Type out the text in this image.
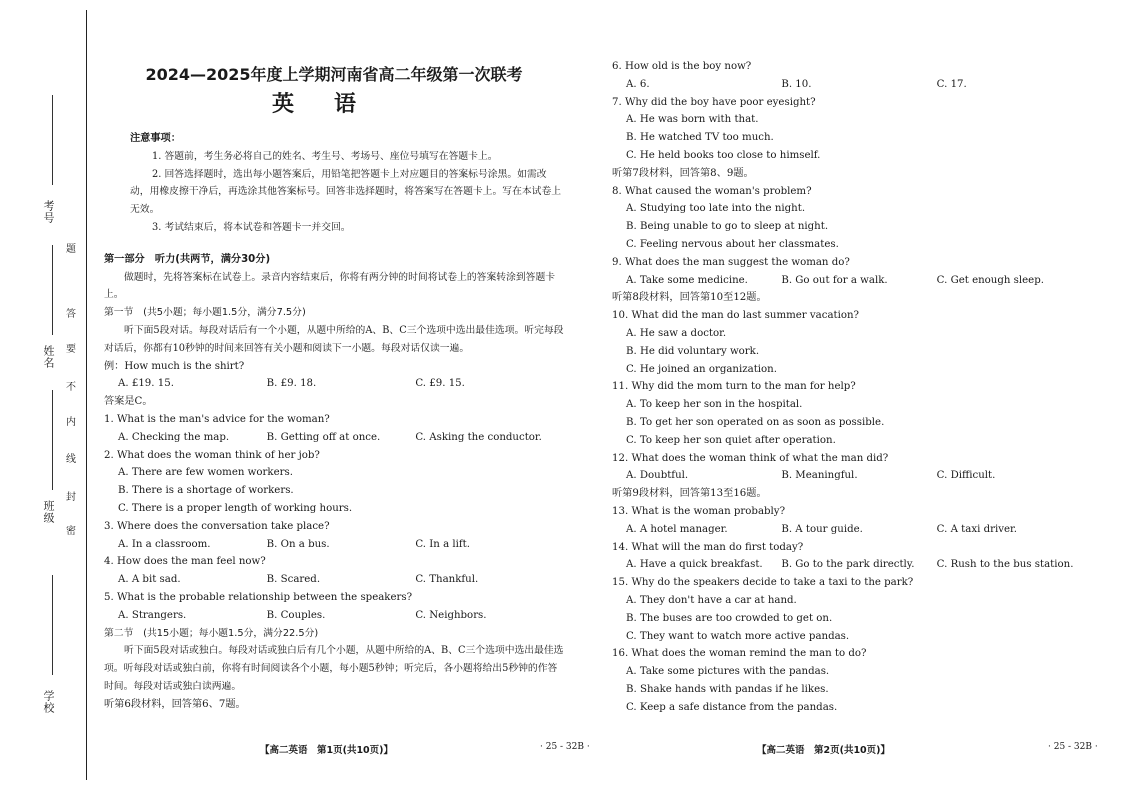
考号
姓名
班级
学校
题
答
要
不
内
线
封
密
2024—2025年度上学期河南省高二年级第一次联考
英语
注意事项：
1. 答题前，考生务必将自己的姓名、考生号、考场号、座位号填写在答题卡上。
2. 回答选择题时，选出每小题答案后，用铅笔把答题卡上对应题目的答案标号涂黑。如需改动，用橡皮擦干净后，再选涂其他答案标号。回答非选择题时，将答案写在答题卡上。写在本试卷上无效。
3. 考试结束后，将本试卷和答题卡一并交回。
第一部分　听力(共两节，满分30分)
做题时，先将答案标在试卷上。录音内容结束后，你将有两分钟的时间将试卷上的答案转涂到答题卡上。
第一节　(共5小题；每小题1.5分，满分7.5分)
听下面5段对话。每段对话后有一个小题，从题中所给的A、B、C三个选项中选出最佳选项。听完每段对话后，你都有10秒钟的时间来回答有关小题和阅读下一小题。每段对话仅读一遍。
例：How much is the shirt?
A. £19. 15.	B. £9. 18.	C. £9. 15.
答案是C。
1. What is the man's advice for the woman?
A. Checking the map.	B. Getting off at once.	C. Asking the conductor.
2. What does the woman think of her job?
A. There are few women workers.
B. There is a shortage of workers.
C. There is a proper length of working hours.
3. Where does the conversation take place?
A. In a classroom.	B. On a bus.	C. In a lift.
4. How does the man feel now?
A. A bit sad.	B. Scared.	C. Thankful.
5. What is the probable relationship between the speakers?
A. Strangers.	B. Couples.	C. Neighbors.
第二节　(共15小题；每小题1.5分，满分22.5分)
听下面5段对话或独白。每段对话或独白后有几个小题，从题中所给的A、B、C三个选项中选出最佳选项。听每段对话或独白前，你将有时间阅读各个小题，每小题5秒钟；听完后，各小题将给出5秒钟的作答时间。每段对话或独白读两遍。
听第6段材料，回答第6、7题。
6. How old is the boy now?
A. 6.	B. 10.	C. 17.
7. Why did the boy have poor eyesight?
A. He was born with that.
B. He watched TV too much.
C. He held books too close to himself.
听第7段材料，回答第8、9题。
8. What caused the woman's problem?
A. Studying too late into the night.
B. Being unable to go to sleep at night.
C. Feeling nervous about her classmates.
9. What does the man suggest the woman do?
A. Take some medicine.	B. Go out for a walk.	C. Get enough sleep.
听第8段材料，回答第10至12题。
10. What did the man do last summer vacation?
A. He saw a doctor.
B. He did voluntary work.
C. He joined an organization.
11. Why did the mom turn to the man for help?
A. To keep her son in the hospital.
B. To get her son operated on as soon as possible.
C. To keep her son quiet after operation.
12. What does the woman think of what the man did?
A. Doubtful.	B. Meaningful.	C. Difficult.
听第9段材料，回答第13至16题。
13. What is the woman probably?
A. A hotel manager.	B. A tour guide.	C. A taxi driver.
14. What will the man do first today?
A. Have a quick breakfast.	B. Go to the park directly.	C. Rush to the bus station.
15. Why do the speakers decide to take a taxi to the park?
A. They don't have a car at hand.
B. The buses are too crowded to get on.
C. They want to watch more active pandas.
16. What does the woman remind the man to do?
A. Take some pictures with the pandas.
B. Shake hands with pandas if he likes.
C. Keep a safe distance from the pandas.
【高二英语　第1页(共10页)】	· 25 - 32B ·	【高二英语　第2页(共10页)】	· 25 - 32B ·
